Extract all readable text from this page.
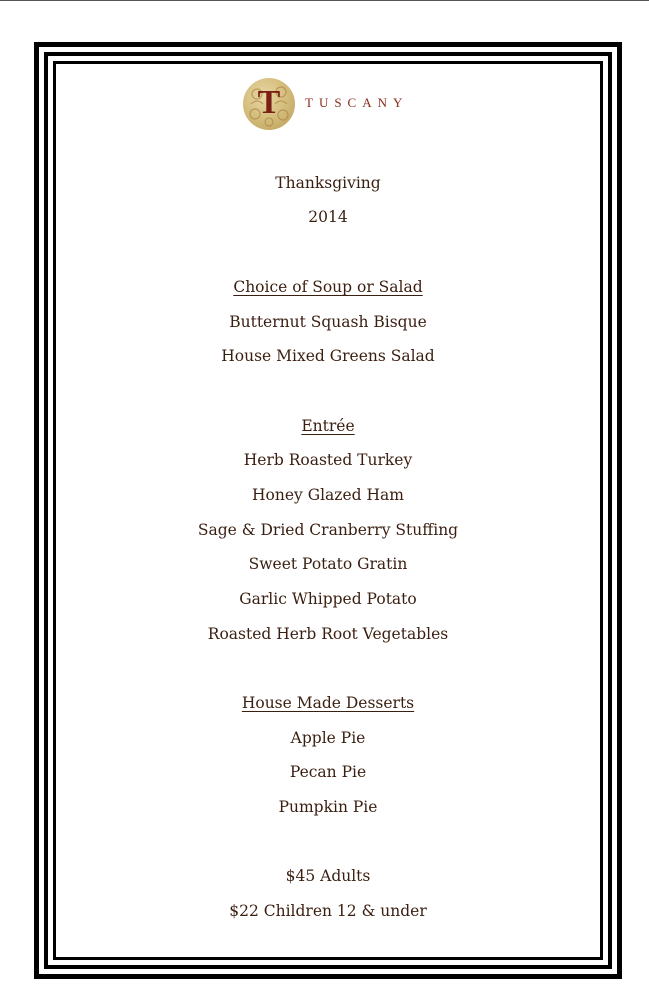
T TUSCANY
Thanksgiving
2014
Choice of Soup or Salad
Butternut Squash Bisque
House Mixed Greens Salad
Entrée
Herb Roasted Turkey
Honey Glazed Ham
Sage & Dried Cranberry Stuffing
Sweet Potato Gratin
Garlic Whipped Potato
Roasted Herb Root Vegetables
House Made Desserts
Apple Pie
Pecan Pie
Pumpkin Pie
$45 Adults
$22 Children 12 & under
